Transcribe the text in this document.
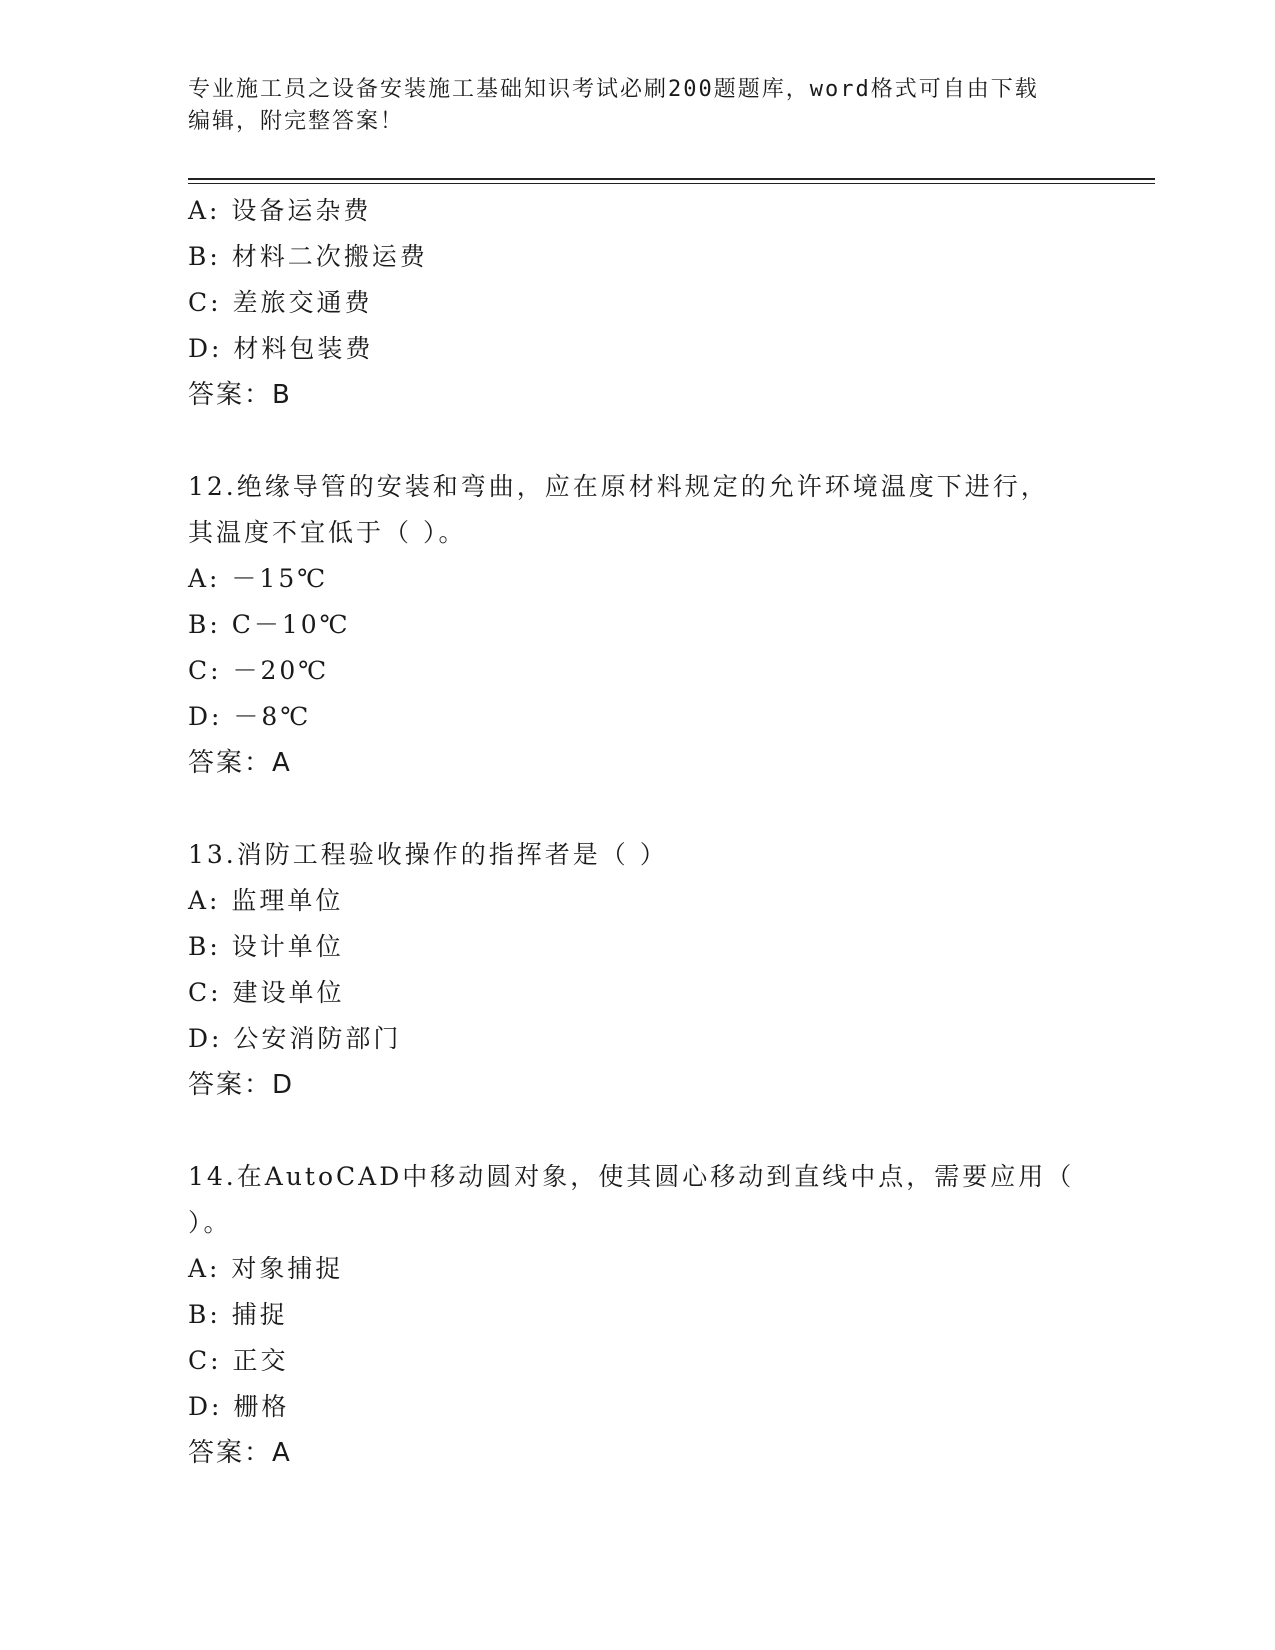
专业施工员之设备安装施工基础知识考试必刷200题题库，word格式可自由下载
编辑，附完整答案！
A: 设备运杂费
B: 材料二次搬运费
C: 差旅交通费
D: 材料包装费
答案：B
12.绝缘导管的安装和弯曲，应在原材料规定的允许环境温度下进行，
其温度不宜低于（ ）。
A: －15℃
B: C－10℃
C: －20℃
D: －8℃
答案：A
13.消防工程验收操作的指挥者是（ ）
A: 监理单位
B: 设计单位
C: 建设单位
D: 公安消防部门
答案：D
14.在AutoCAD中移动圆对象，使其圆心移动到直线中点，需要应用（
）。
A: 对象捕捉
B: 捕捉
C: 正交
D: 栅格
答案：A
